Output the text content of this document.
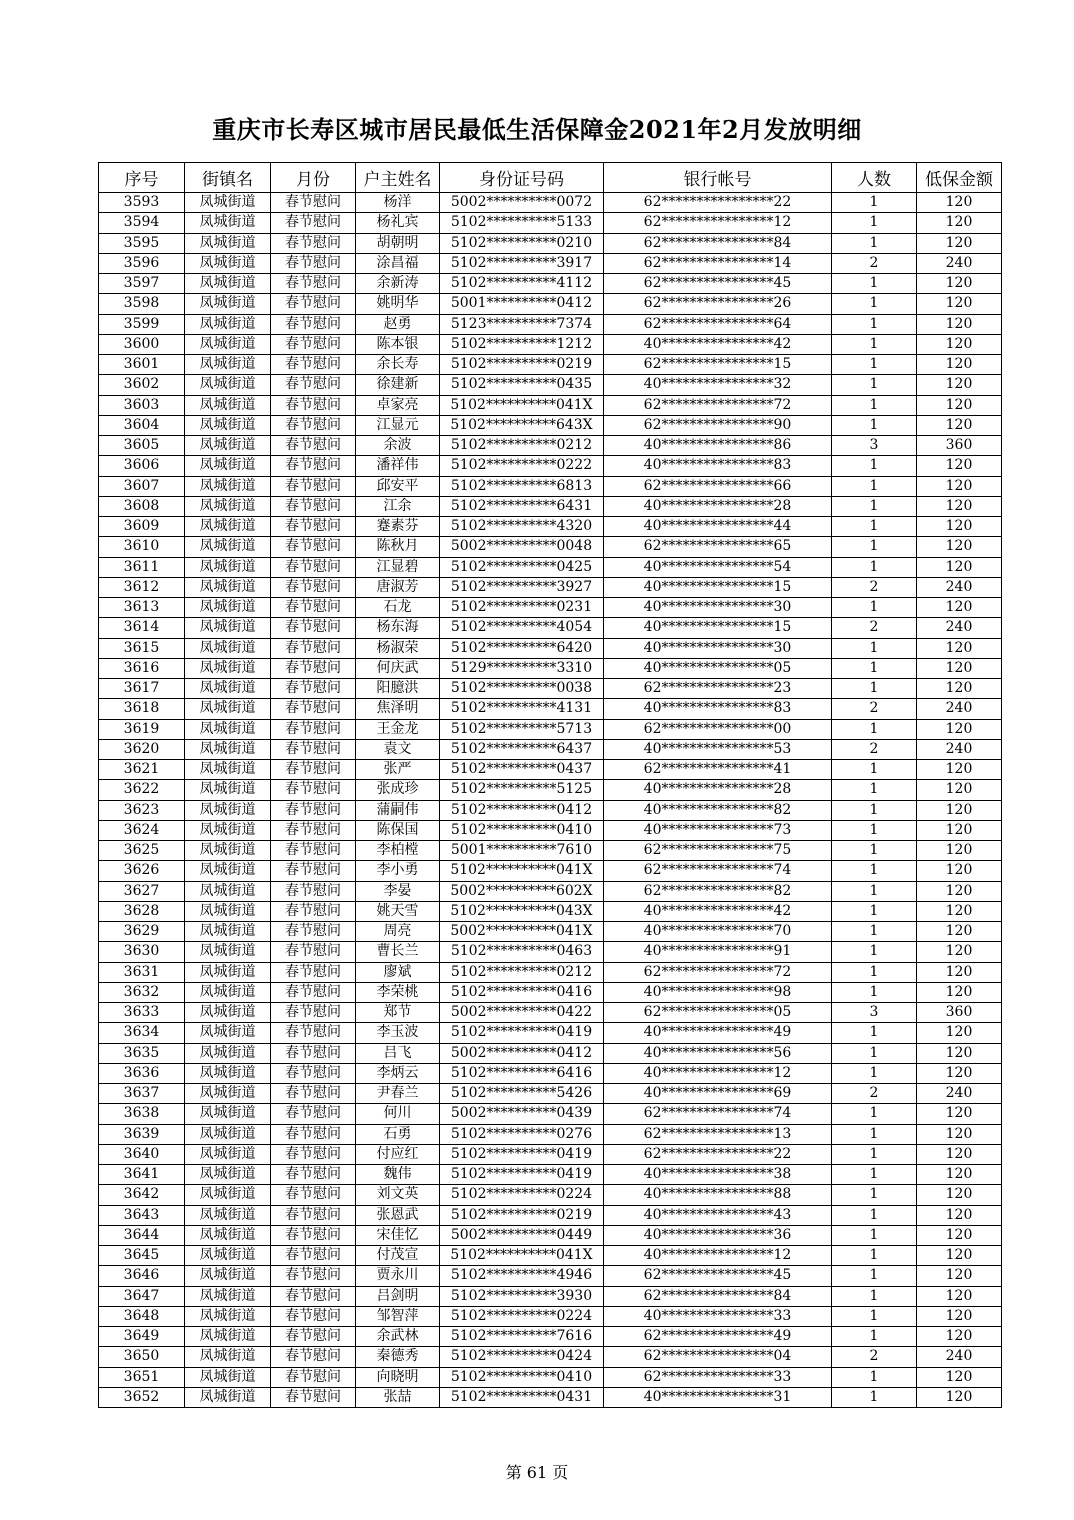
重庆市长寿区城市居民最低生活保障金2021年2月发放明细
序号	街镇名	月份	户主姓名	身份证号码	银行帐号	人数	低保金额
3593	凤城街道	春节慰问	杨洋	5002**********0072	62****************22	1	120
3594	凤城街道	春节慰问	杨礼宾	5102**********5133	62****************12	1	120
3595	凤城街道	春节慰问	胡朝明	5102**********0210	62****************84	1	120
3596	凤城街道	春节慰问	涂昌福	5102**********3917	62****************14	2	240
3597	凤城街道	春节慰问	余新涛	5102**********4112	62****************45	1	120
3598	凤城街道	春节慰问	姚明华	5001**********0412	62****************26	1	120
3599	凤城街道	春节慰问	赵勇	5123**********7374	62****************64	1	120
3600	凤城街道	春节慰问	陈本银	5102**********1212	40****************42	1	120
3601	凤城街道	春节慰问	余长寿	5102**********0219	62****************15	1	120
3602	凤城街道	春节慰问	徐建新	5102**********0435	40****************32	1	120
3603	凤城街道	春节慰问	卓家亮	5102**********041X	62****************72	1	120
3604	凤城街道	春节慰问	江显元	5102**********643X	62****************90	1	120
3605	凤城街道	春节慰问	余波	5102**********0212	40****************86	3	360
3606	凤城街道	春节慰问	潘祥伟	5102**********0222	40****************83	1	120
3607	凤城街道	春节慰问	邱安平	5102**********6813	62****************66	1	120
3608	凤城街道	春节慰问	江余	5102**********6431	40****************28	1	120
3609	凤城街道	春节慰问	蹇素芬	5102**********4320	40****************44	1	120
3610	凤城街道	春节慰问	陈秋月	5002**********0048	62****************65	1	120
3611	凤城街道	春节慰问	江显碧	5102**********0425	40****************54	1	120
3612	凤城街道	春节慰问	唐淑芳	5102**********3927	40****************15	2	240
3613	凤城街道	春节慰问	石龙	5102**********0231	40****************30	1	120
3614	凤城街道	春节慰问	杨东海	5102**********4054	40****************15	2	240
3615	凤城街道	春节慰问	杨淑荣	5102**********6420	40****************30	1	120
3616	凤城街道	春节慰问	何庆武	5129**********3310	40****************05	1	120
3617	凤城街道	春节慰问	阳臆洪	5102**********0038	62****************23	1	120
3618	凤城街道	春节慰问	焦泽明	5102**********4131	40****************83	2	240
3619	凤城街道	春节慰问	王金龙	5102**********5713	62****************00	1	120
3620	凤城街道	春节慰问	袁文	5102**********6437	40****************53	2	240
3621	凤城街道	春节慰问	张严	5102**********0437	62****************41	1	120
3622	凤城街道	春节慰问	张成珍	5102**********5125	40****************28	1	120
3623	凤城街道	春节慰问	蒲嗣伟	5102**********0412	40****************82	1	120
3624	凤城街道	春节慰问	陈保国	5102**********0410	40****************73	1	120
3625	凤城街道	春节慰问	李柏樘	5001**********7610	62****************75	1	120
3626	凤城街道	春节慰问	李小勇	5102**********041X	62****************74	1	120
3627	凤城街道	春节慰问	李晏	5002**********602X	62****************82	1	120
3628	凤城街道	春节慰问	姚天雪	5102**********043X	40****************42	1	120
3629	凤城街道	春节慰问	周亮	5002**********041X	40****************70	1	120
3630	凤城街道	春节慰问	曹长兰	5102**********0463	40****************91	1	120
3631	凤城街道	春节慰问	廖斌	5102**********0212	62****************72	1	120
3632	凤城街道	春节慰问	李荣桃	5102**********0416	40****************98	1	120
3633	凤城街道	春节慰问	郑节	5002**********0422	62****************05	3	360
3634	凤城街道	春节慰问	李玉波	5102**********0419	40****************49	1	120
3635	凤城街道	春节慰问	吕飞	5002**********0412	40****************56	1	120
3636	凤城街道	春节慰问	李炳云	5102**********6416	40****************12	1	120
3637	凤城街道	春节慰问	尹春兰	5102**********5426	40****************69	2	240
3638	凤城街道	春节慰问	何川	5002**********0439	62****************74	1	120
3639	凤城街道	春节慰问	石勇	5102**********0276	62****************13	1	120
3640	凤城街道	春节慰问	付应红	5102**********0419	62****************22	1	120
3641	凤城街道	春节慰问	魏伟	5102**********0419	40****************38	1	120
3642	凤城街道	春节慰问	刘文英	5102**********0224	40****************88	1	120
3643	凤城街道	春节慰问	张恩武	5102**********0219	40****************43	1	120
3644	凤城街道	春节慰问	宋佳忆	5002**********0449	40****************36	1	120
3645	凤城街道	春节慰问	付茂宣	5102**********041X	40****************12	1	120
3646	凤城街道	春节慰问	贾永川	5102**********4946	62****************45	1	120
3647	凤城街道	春节慰问	吕剑明	5102**********3930	62****************84	1	120
3648	凤城街道	春节慰问	邹智萍	5102**********0224	40****************33	1	120
3649	凤城街道	春节慰问	余武林	5102**********7616	62****************49	1	120
3650	凤城街道	春节慰问	秦德秀	5102**********0424	62****************04	2	240
3651	凤城街道	春节慰问	向晓明	5102**********0410	62****************33	1	120
3652	凤城街道	春节慰问	张喆	5102**********0431	40****************31	1	120
第 61 页
